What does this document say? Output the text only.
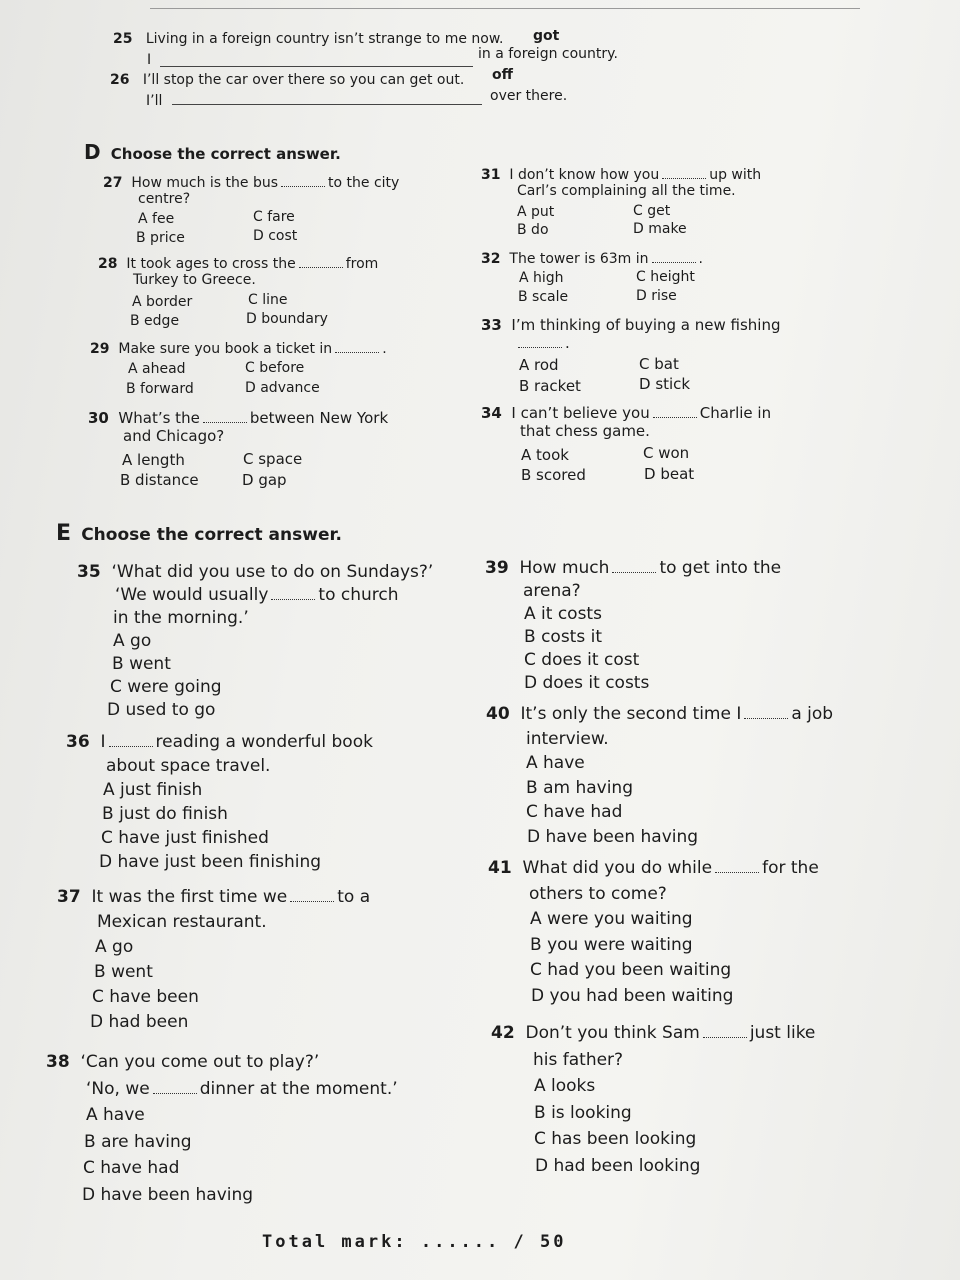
25 Living in a foreign country isn’t strange to me now. got
I	in a foreign country.
26 I’ll stop the car over there so you can get out. off
I’ll	over there.
D Choose the correct answer.
27 How much is the bus	to the city
centre?
A fee	C fare
B price	D cost
28 It took ages to cross the	from
Turkey to Greece.
A border	C line
B edge	D boundary
29 Make sure you book a ticket in	.
A ahead	C before
B forward	D advance
30 What’s the	between New York
and Chicago?
A length	C space
B distance	D gap
31 I don’t know how you	up with
Carl’s complaining all the time.
A put	C get
B do	D make
32 The tower is 63m in	.
A high	C height
B scale	D rise
33 I’m thinking of buying a new fishing
.
A rod	C bat
B racket	D stick
34 I can’t believe you	Charlie in
that chess game.
A took	C won
B scored	D beat
E Choose the correct answer.
35 ‘What did you use to do on Sundays?’
‘We would usually	to church
in the morning.’
A go
B went
C were going
D used to go
36 I	reading a wonderful book
about space travel.
A just finish
B just do finish
C have just finished
D have just been finishing
37 It was the first time we	to a
Mexican restaurant.
A go
B went
C have been
D had been
38 ‘Can you come out to play?’
‘No, we	dinner at the moment.’
A have
B are having
C have had
D have been having
39 How much	to get into the
arena?
A it costs
B costs it
C does it cost
D does it costs
40 It’s only the second time I	a job
interview.
A have
B am having
C have had
D have been having
41 What did you do while	for the
others to come?
A were you waiting
B you were waiting
C had you been waiting
D you had been waiting
42 Don’t you think Sam	just like
his father?
A looks
B is looking
C has been looking
D had been looking
Total mark: ...... / 50
